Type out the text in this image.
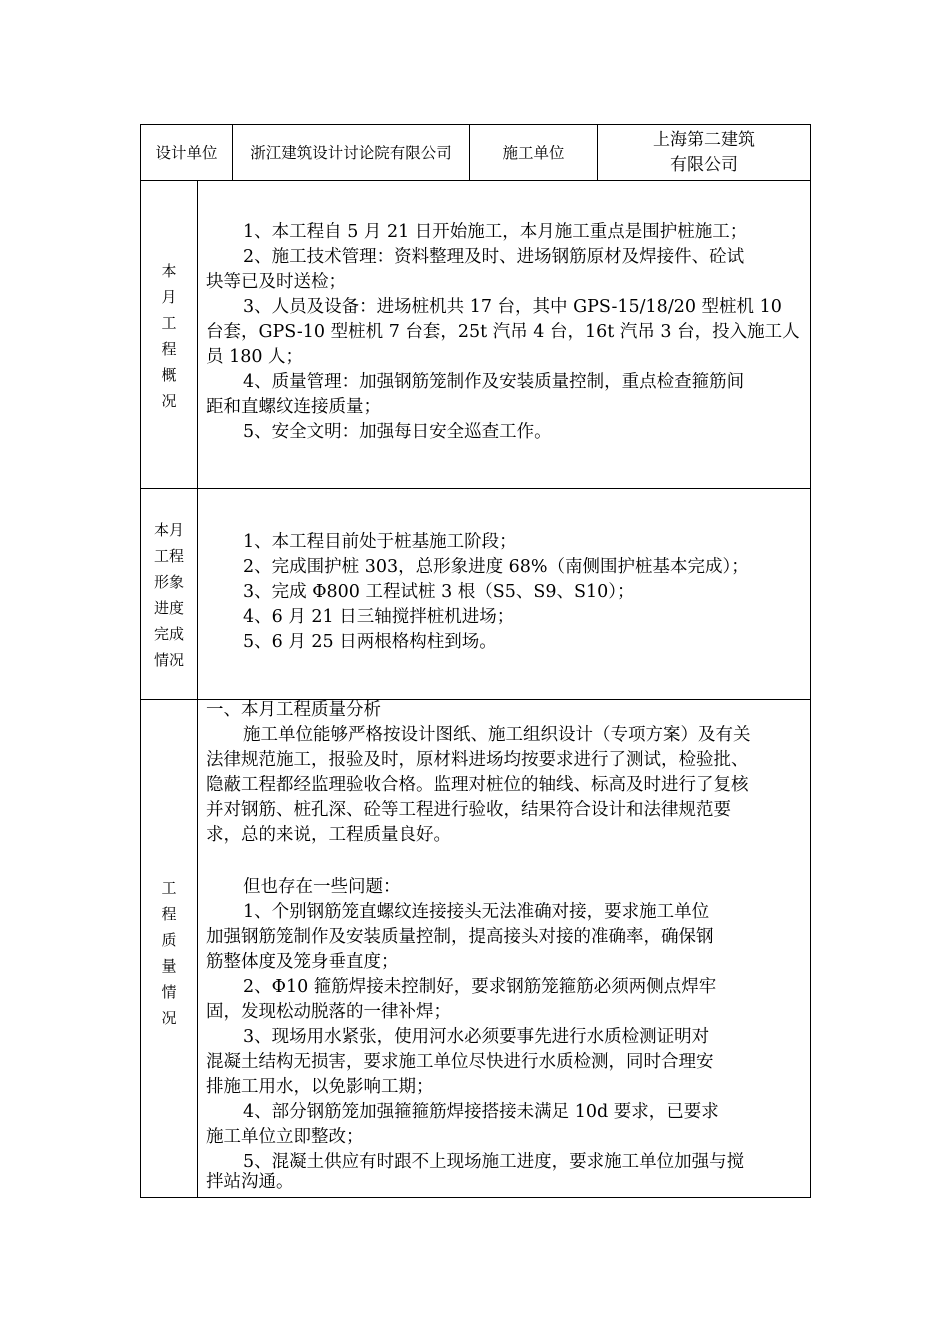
设计单位	浙江建筑设计讨论院有限公司	施工单位
上海第二建筑
有限公司
本
月
工
程
概
况
1、本工程自 5 月 21 日开始施工，本月施工重点是围护桩施工；
2、施工技术管理：资料整理及时、进场钢筋原材及焊接件、砼试
块等已及时送检；
3、人员及设备：进场桩机共 17 台，其中 GPS-15/18/20 型桩机 10
台套，GPS-10 型桩机 7 台套，25t 汽吊 4 台，16t 汽吊 3 台，投入施工人
员 180 人；
4、质量管理：加强钢筋笼制作及安装质量控制，重点检查箍筋间
距和直螺纹连接质量；
5、安全文明：加强每日安全巡查工作。
本月
工程
形象
进度
完成
情况
1、本工程目前处于桩基施工阶段；
2、完成围护桩 303，总形象进度 68%（南侧围护桩基本完成）；
3、完成 Φ800 工程试桩 3 根（S5、S9、S10）；
4、6 月 21 日三轴搅拌桩机进场；
5、6 月 25 日两根格构柱到场。
工
程
质
量
情
况
一、本月工程质量分析
施工单位能够严格按设计图纸、施工组织设计（专项方案）及有关
法律规范施工，报验及时，原材料进场均按要求进行了测试，检验批、
隐蔽工程都经监理验收合格。监理对桩位的轴线、标高及时进行了复核
并对钢筋、桩孔深、砼等工程进行验收，结果符合设计和法律规范要
求，总的来说，工程质量良好。
但也存在一些问题：
1、个别钢筋笼直螺纹连接接头无法准确对接，要求施工单位
加强钢筋笼制作及安装质量控制，提高接头对接的准确率，确保钢
筋整体度及笼身垂直度；
2、Φ10 箍筋焊接未控制好，要求钢筋笼箍筋必须两侧点焊牢
固，发现松动脱落的一律补焊；
3、现场用水紧张，使用河水必须要事先进行水质检测证明对
混凝土结构无损害，要求施工单位尽快进行水质检测，同时合理安
排施工用水，以免影响工期；
4、部分钢筋笼加强箍箍筋焊接搭接未满足 10d 要求，已要求
施工单位立即整改；
5、混凝土供应有时跟不上现场施工进度，要求施工单位加强与搅
拌站沟通。
